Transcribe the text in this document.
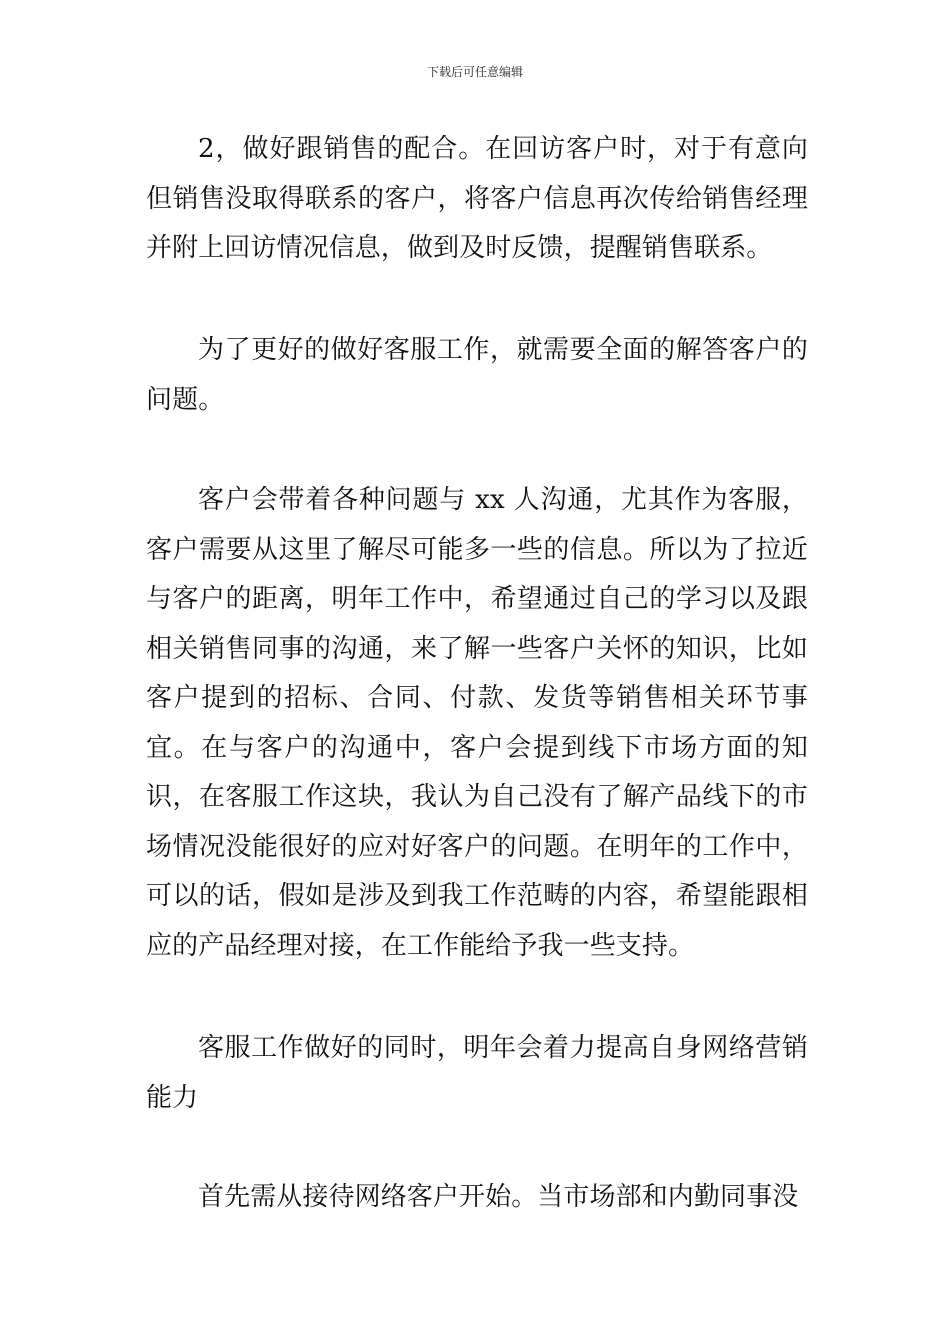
下载后可任意编辑

2，做好跟销售的配合。在回访客户时，对于有意向但销售没取得联系的客户，将客户信息再次传给销售经理并附上回访情况信息，做到及时反馈，提醒销售联系。

为了更好的做好客服工作，就需要全面的解答客户的问题。

客户会带着各种问题与 xx 人沟通，尤其作为客服，客户需要从这里了解尽可能多一些的信息。所以为了拉近与客户的距离，明年工作中，希望通过自己的学习以及跟相关销售同事的沟通，来了解一些客户关怀的知识，比如客户提到的招标、合同、付款、发货等销售相关环节事宜。在与客户的沟通中，客户会提到线下市场方面的知识，在客服工作这块，我认为自己没有了解产品线下的市场情况没能很好的应对好客户的问题。在明年的工作中，可以的话，假如是涉及到我工作范畴的内容，希望能跟相应的产品经理对接，在工作能给予我一些支持。

客服工作做好的同时，明年会着力提高自身网络营销能力

首先需从接待网络客户开始。当市场部和内勤同事没
